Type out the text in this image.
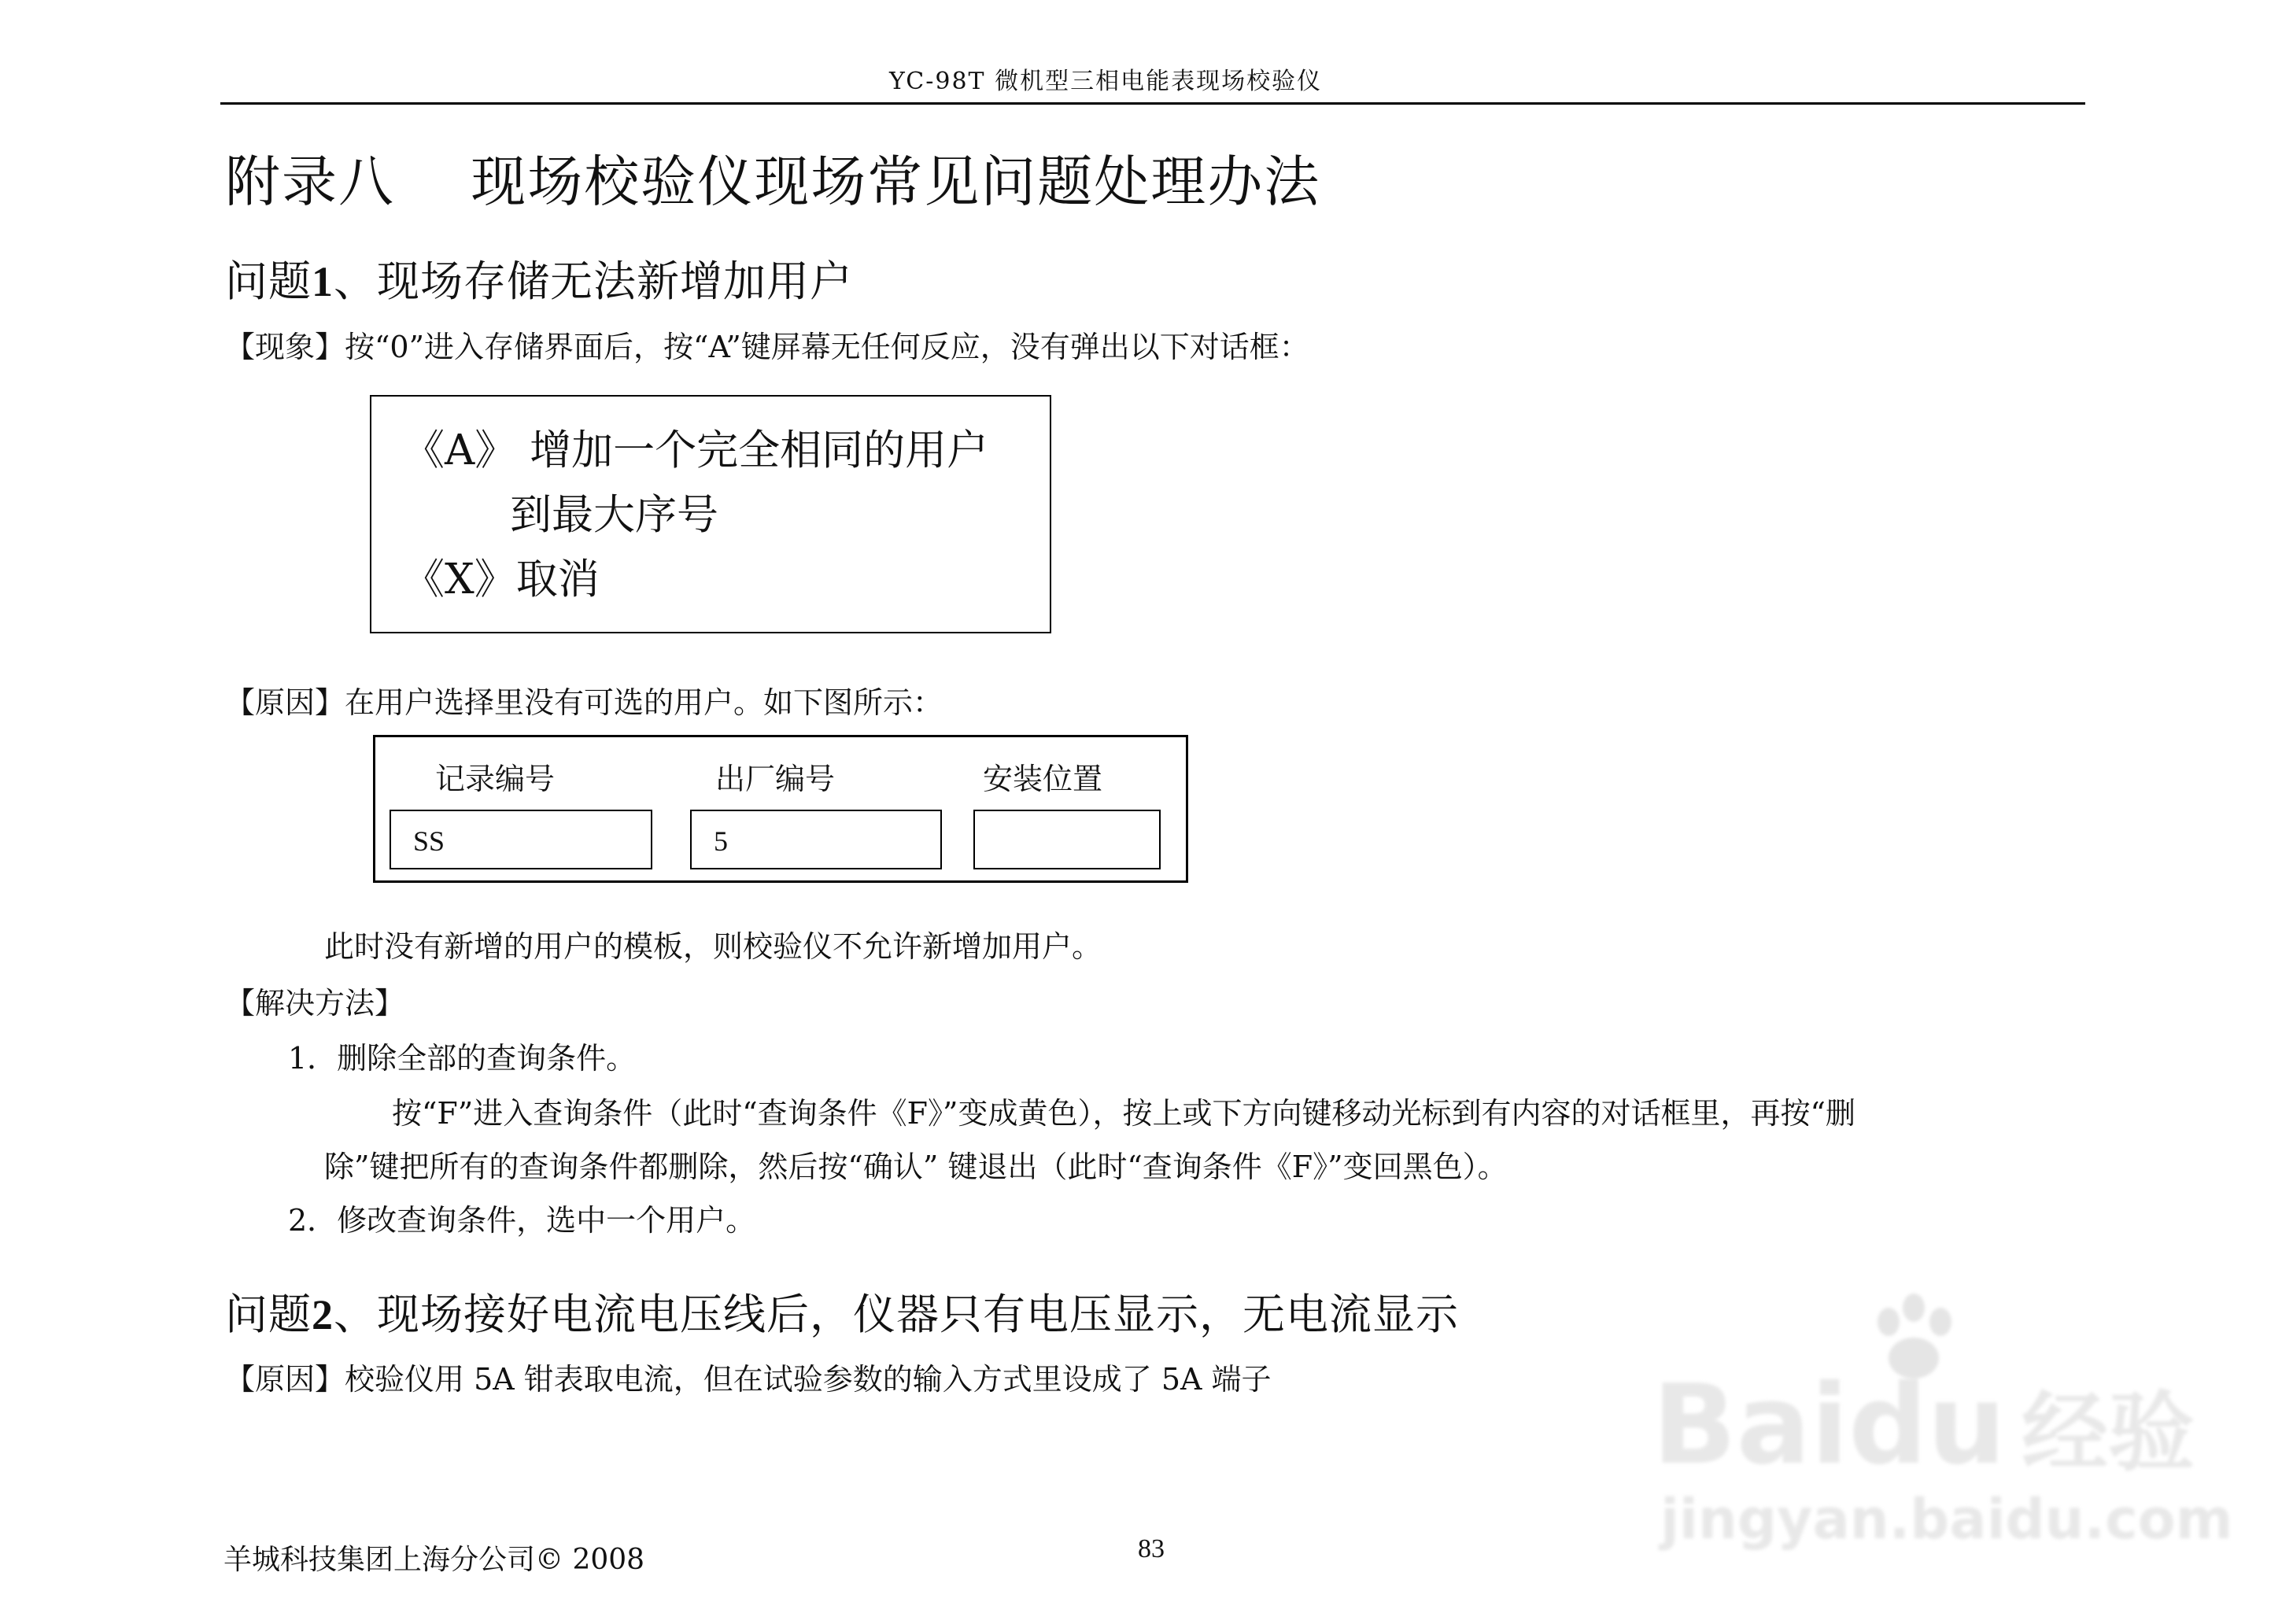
YC-98T 微机型三相电能表现场校验仪
附录八　 现场校验仪现场常见问题处理办法
问题1、现场存储无法新增加用户
【现象】按“0”进入存储界面后，按“A”键屏幕无任何反应，没有弹出以下对话框：
《A》 增加一个完全相同的用户
到最大序号
《X》取消
【原因】在用户选择里没有可选的用户。如下图所示：
记录编号	出厂编号	安装位置
SS	5
此时没有新增的用户的模板，则校验仪不允许新增加用户。
【解决方法】
1．删除全部的查询条件。
按“F”进入查询条件（此时“查询条件《F》”变成黄色），按上或下方向键移动光标到有内容的对话框里，再按“删
除”键把所有的查询条件都删除，然后按“确认” 键退出（此时“查询条件《F》”变回黑色）。
2．修改查询条件，选中一个用户。
问题2、现场接好电流电压线后，仪器只有电压显示，无电流显示
【原因】校验仪用 5A 钳表取电流，但在试验参数的输入方式里设成了 5A 端子	Baidu 经验
jingyan.baidu.com
羊城科技集团上海分公司© 2008	83
